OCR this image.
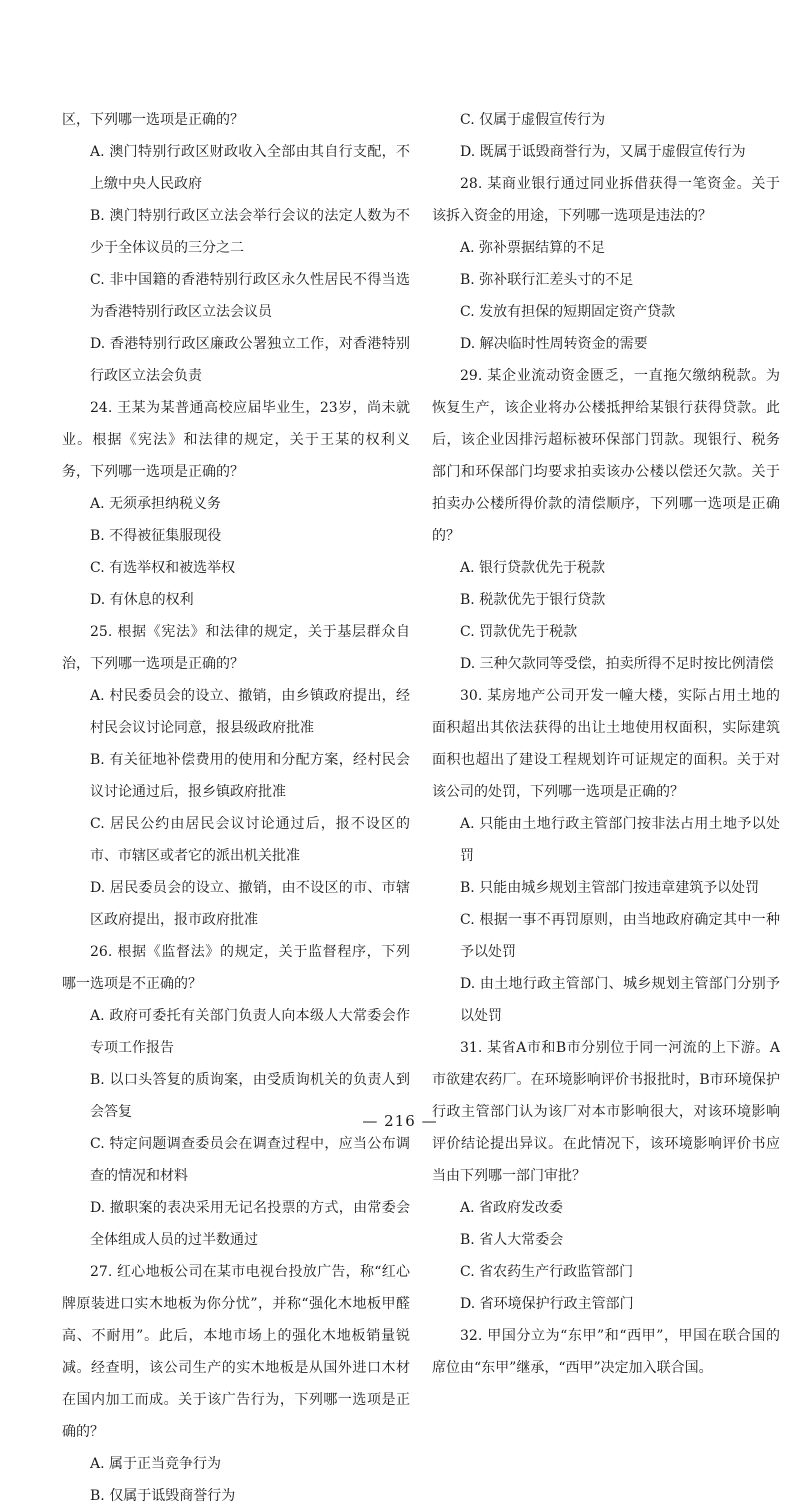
区，下列哪一选项是正确的？

A. 澳门特别行政区财政收入全部由其自行支配，不上缴中央人民政府

B. 澳门特别行政区立法会举行会议的法定人数为不少于全体议员的三分之二

C. 非中国籍的香港特别行政区永久性居民不得当选为香港特别行政区立法会议员

D. 香港特别行政区廉政公署独立工作，对香港特别行政区立法会负责

24. 王某为某普通高校应届毕业生，23岁，尚未就业。根据《宪法》和法律的规定，关于王某的权利义务，下列哪一选项是正确的？

A. 无须承担纳税义务

B. 不得被征集服现役

C. 有选举权和被选举权

D. 有休息的权利

25. 根据《宪法》和法律的规定，关于基层群众自治，下列哪一选项是正确的？

A. 村民委员会的设立、撤销，由乡镇政府提出，经村民会议讨论同意，报县级政府批准

B. 有关征地补偿费用的使用和分配方案，经村民会议讨论通过后，报乡镇政府批准

C. 居民公约由居民会议讨论通过后，报不设区的市、市辖区或者它的派出机关批准

D. 居民委员会的设立、撤销，由不设区的市、市辖区政府提出，报市政府批准

26. 根据《监督法》的规定，关于监督程序，下列哪一选项是不正确的？

A. 政府可委托有关部门负责人向本级人大常委会作专项工作报告

B. 以口头答复的质询案，由受质询机关的负责人到会答复

C. 特定问题调查委员会在调查过程中，应当公布调查的情况和材料

D. 撤职案的表决采用无记名投票的方式，由常委会全体组成人员的过半数通过

27. 红心地板公司在某市电视台投放广告，称“红心牌原装进口实木地板为你分忧”，并称“强化木地板甲醛高、不耐用”。此后，本地市场上的强化木地板销量锐减。经查明，该公司生产的实木地板是从国外进口木材在国内加工而成。关于该广告行为，下列哪一选项是正确的？

A. 属于正当竞争行为

B. 仅属于诋毁商誉行为

C. 仅属于虚假宣传行为

D. 既属于诋毁商誉行为，又属于虚假宣传行为

28. 某商业银行通过同业拆借获得一笔资金。关于该拆入资金的用途，下列哪一选项是违法的？

A. 弥补票据结算的不足

B. 弥补联行汇差头寸的不足

C. 发放有担保的短期固定资产贷款

D. 解决临时性周转资金的需要

29. 某企业流动资金匮乏，一直拖欠缴纳税款。为恢复生产，该企业将办公楼抵押给某银行获得贷款。此后，该企业因排污超标被环保部门罚款。现银行、税务部门和环保部门均要求拍卖该办公楼以偿还欠款。关于拍卖办公楼所得价款的清偿顺序，下列哪一选项是正确的？

A. 银行贷款优先于税款

B. 税款优先于银行贷款

C. 罚款优先于税款

D. 三种欠款同等受偿，拍卖所得不足时按比例清偿

30. 某房地产公司开发一幢大楼，实际占用土地的面积超出其依法获得的出让土地使用权面积，实际建筑面积也超出了建设工程规划许可证规定的面积。关于对该公司的处罚，下列哪一选项是正确的？

A. 只能由土地行政主管部门按非法占用土地予以处罚

B. 只能由城乡规划主管部门按违章建筑予以处罚

C. 根据一事不再罚原则，由当地政府确定其中一种予以处罚

D. 由土地行政主管部门、城乡规划主管部门分别予以处罚

31. 某省A市和B市分别位于同一河流的上下游。A市欲建农药厂。在环境影响评价书报批时，B市环境保护行政主管部门认为该厂对本市影响很大，对该环境影响评价结论提出异议。在此情况下，该环境影响评价书应当由下列哪一部门审批？

A. 省政府发改委

B. 省人大常委会

C. 省农药生产行政监管部门

D. 省环境保护行政主管部门

32. 甲国分立为“东甲”和“西甲”，甲国在联合国的席位由“东甲”继承，“西甲”决定加入联合国。

— 216 —
